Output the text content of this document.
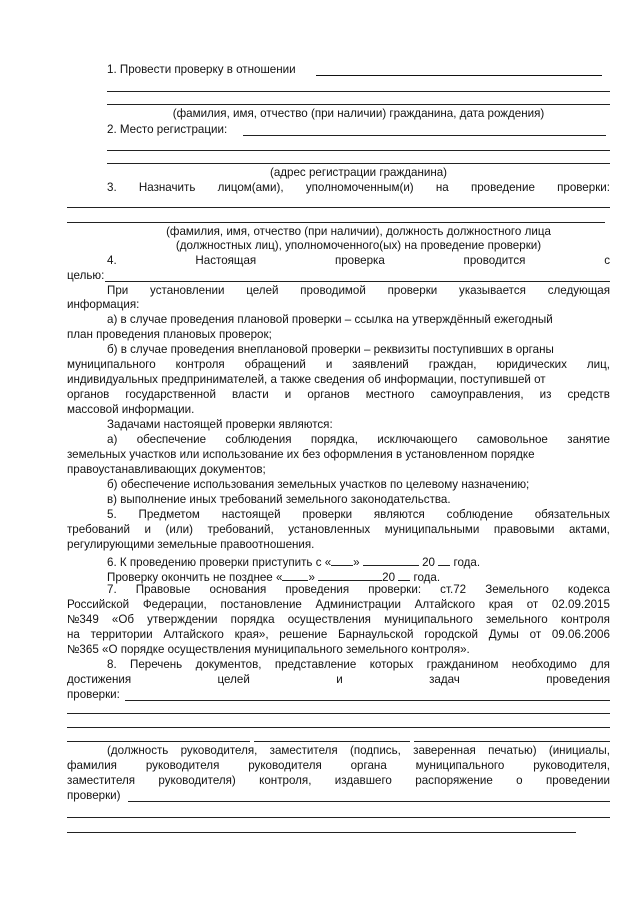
1. Провести проверку в отношении
(фамилия, имя, отчество (при наличии) гражданина, дата рождения)
2. Место регистрации:
(адрес регистрации гражданина)
3. Назначить лицом(ами), уполномоченным(и) на проведение проверки:
(фамилия, имя, отчество (при наличии), должность должностного лица
(должностных лиц), уполномоченного(ых) на проведение проверки)
4.	Настоящая	проверка	проводится	с
целью:
При установлении целей проводимой проверки указывается следующая
информация:
а) в случае проведения плановой проверки – ссылка на утверждённый ежегодный
план проведения плановых проверок;
б) в случае проведения внеплановой проверки – реквизиты поступивших в органы
муниципального контроля обращений и заявлений граждан, юридических лиц,
индивидуальных предпринимателей, а также сведения об информации, поступившей от
органов государственной власти и органов местного самоуправления, из средств
массовой информации.
Задачами настоящей проверки являются:
а) обеспечение соблюдения порядка, исключающего самовольное занятие
земельных участков или использование их без оформления в установленном порядке
правоустанавливающих документов;
б) обеспечение использования земельных участков по целевому назначению;
в) выполнение иных требований земельного законодательства.
5. Предметом настоящей проверки являются соблюдение обязательных
требований и (или) требований, установленных муниципальными правовыми актами,
регулирующими земельные правоотношения.
6. К проведению проверки приступить с « »	20 года.
Проверку окончить не позднее « »	20 года.
7. Правовые основания проведения проверки: ст.72 Земельного кодекса
Российской Федерации, постановление Администрации Алтайского края от 02.09.2015
№349 «Об утверждении порядка осуществления муниципального земельного контроля
на территории Алтайского края», решение Барнаульской городской Думы от 09.06.2006
№365 «О порядке осуществления муниципального земельного контроля».
8. Перечень документов, представление которых гражданином необходимо для
достижения	целей	и	задач	проведения
проверки:
(должность руководителя, заместителя (подпись, заверенная печатью) (инициалы,
фамилия руководителя руководителя органа муниципального руководителя,
заместителя руководителя) контроля, издавшего распоряжение о проведении
проверки)
